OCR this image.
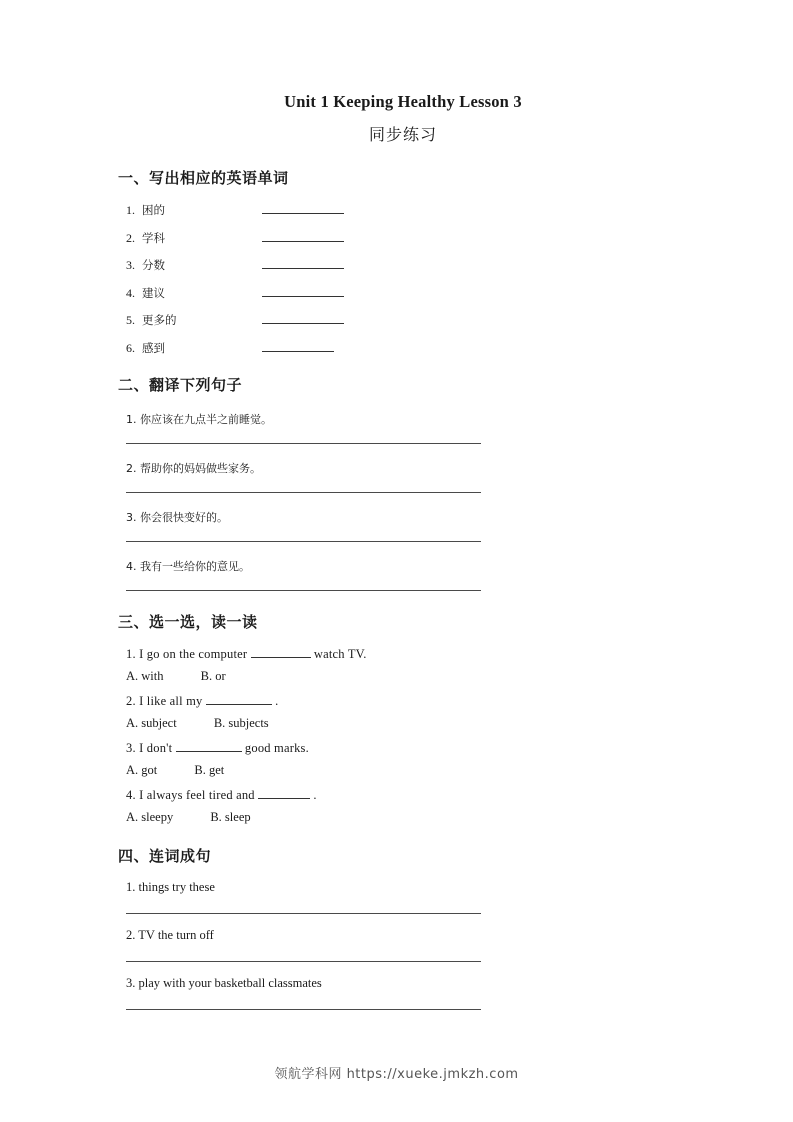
Unit 1 Keeping Healthy Lesson 3
同步练习
一、写出相应的英语单词
1. 困的
2. 学科
3. 分数
4. 建议
5. 更多的
6. 感到
二、翻译下列句子
1. 你应该在九点半之前睡觉。
2. 帮助你的妈妈做些家务。
3. 你会很快变好的。
4. 我有一些给你的意见。
三、选一选，读一读
1. I go on the computer	watch TV.
A. with	B. or
2. I like all my	.
A. subject	B. subjects
3. I don't	good marks.
A. got	B. get
4. I always feel tired and	.
A. sleepy	B. sleep
四、连词成句
1. things try these
2. TV the turn off
3. play with your basketball classmates
领航学科网 https://xueke.jmkzh.com
